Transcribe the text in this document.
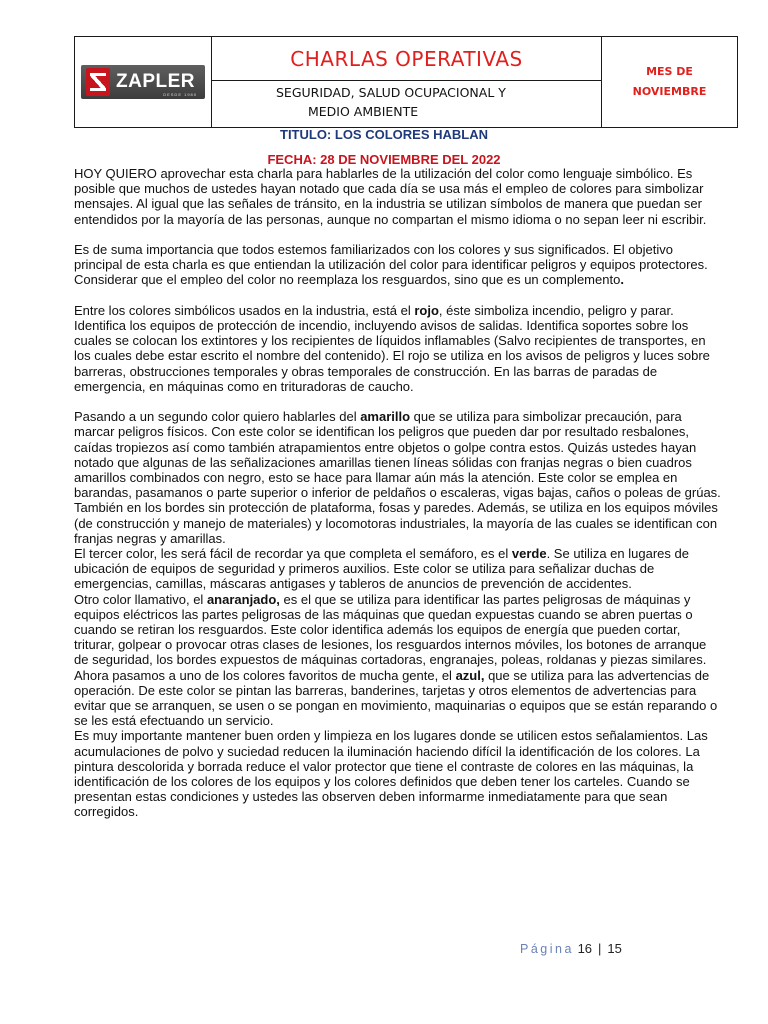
ZAPLER
DESDE 1980
CHARLAS OPERATIVAS
SEGURIDAD, SALUD OCUPACIONAL Y
MEDIO AMBIENTE
MES DE
NOVIEMBRE
TITULO: LOS COLORES HABLAN
FECHA: 28 DE NOVIEMBRE DEL 2022

HOY QUIERO aprovechar esta charla para hablarles de la utilización del color como lenguaje simbólico. Es posible que muchos de ustedes hayan notado que cada día se usa más el empleo de colores para simbolizar mensajes. Al igual que las señales de tránsito, en la industria se utilizan símbolos de manera que puedan ser entendidos por la mayoría de las personas, aunque no compartan el mismo idioma o no sepan leer ni escribir.

Es de suma importancia que todos estemos familiarizados con los colores y sus significados. El objetivo principal de esta charla es que entiendan la utilización del color para identificar peligros y equipos protectores. Considerar que el empleo del color no reemplaza los resguardos, sino que es un complemento.

Entre los colores simbólicos usados en la industria, está el rojo, éste simboliza incendio, peligro y parar. Identifica los equipos de protección de incendio, incluyendo avisos de salidas. Identifica soportes sobre los cuales se colocan los extintores y los recipientes de líquidos inflamables (Salvo recipientes de transportes, en los cuales debe estar escrito el nombre del contenido). El rojo se utiliza en los avisos de peligros y luces sobre barreras, obstrucciones temporales y obras temporales de construcción. En las barras de paradas de emergencia, en máquinas como en trituradoras de caucho.

Pasando a un segundo color quiero hablarles del amarillo que se utiliza para simbolizar precaución, para marcar peligros físicos. Con este color se identifican los peligros que pueden dar por resultado resbalones, caídas tropiezos así como también atrapamientos entre objetos o golpe contra estos. Quizás ustedes hayan notado que algunas de las señalizaciones amarillas tienen líneas sólidas con franjas negras o bien cuadros amarillos combinados con negro, esto se hace para llamar aún más la atención. Este color se emplea en barandas, pasamanos o parte superior o inferior de peldaños o escaleras, vigas bajas, caños o poleas de grúas. También en los bordes sin protección de plataforma, fosas y paredes. Además, se utiliza en los equipos móviles (de construcción y manejo de materiales) y locomotoras industriales, la mayoría de las cuales se identifican con franjas negras y amarillas.

El tercer color, les será fácil de recordar ya que completa el semáforo, es el verde. Se utiliza en lugares de ubicación de equipos de seguridad y primeros auxilios. Este color se utiliza para señalizar duchas de emergencias, camillas, máscaras antigases y tableros de anuncios de prevención de accidentes.

Otro color llamativo, el anaranjado, es el que se utiliza para identificar las partes peligrosas de máquinas y equipos eléctricos las partes peligrosas de las máquinas que quedan expuestas cuando se abren puertas o cuando se retiran los resguardos. Este color identifica además los equipos de energía que pueden cortar, triturar, golpear o provocar otras clases de lesiones, los resguardos internos móviles, los botones de arranque de seguridad, los bordes expuestos de máquinas cortadoras, engranajes, poleas, roldanas y piezas similares.

Ahora pasamos a uno de los colores favoritos de mucha gente, el azul, que se utiliza para las advertencias de operación. De este color se pintan las barreras, banderines, tarjetas y otros elementos de advertencias para evitar que se arranquen, se usen o se pongan en movimiento, maquinarias o equipos que se están reparando o se les está efectuando un servicio.

Es muy importante mantener buen orden y limpieza en los lugares donde se utilicen estos señalamientos. Las acumulaciones de polvo y suciedad reducen la iluminación haciendo difícil la identificación de los colores. La pintura descolorida y borrada reduce el valor protector que tiene el contraste de colores en las máquinas, la identificación de los colores de los equipos y los colores definidos que deben tener los carteles. Cuando se presentan estas condiciones y ustedes las observen deben informarme inmediatamente para que sean corregidos.

Página 16 | 15
